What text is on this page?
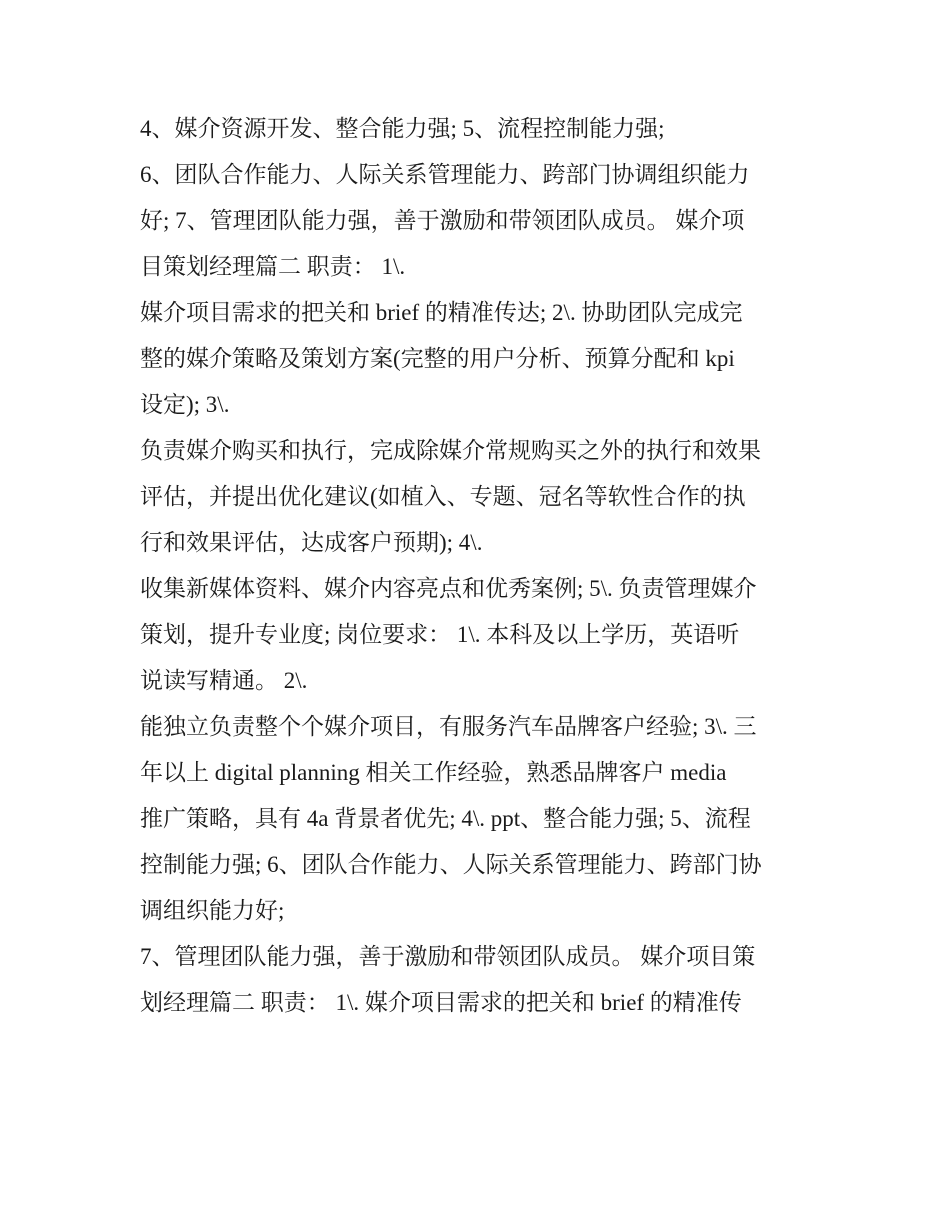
4、媒介资源开发、整合能力强; 5、流程控制能力强;
6、团队合作能力、人际关系管理能力、跨部门协调组织能力
好; 7、管理团队能力强，善于激励和带领团队成员。 媒介项
目策划经理篇二 职责： 1\.
媒介项目需求的把关和 brief 的精准传达; 2\. 协助团队完成完
整的媒介策略及策划方案(完整的用户分析、预算分配和 kpi
设定); 3\.
负责媒介购买和执行，完成除媒介常规购买之外的执行和效果
评估，并提出优化建议(如植入、专题、冠名等软性合作的执
行和效果评估，达成客户预期); 4\.
收集新媒体资料、媒介内容亮点和优秀案例; 5\. 负责管理媒介
策划，提升专业度; 岗位要求： 1\. 本科及以上学历，英语听
说读写精通。 2\.
能独立负责整个个媒介项目，有服务汽车品牌客户经验; 3\. 三
年以上 digital planning 相关工作经验，熟悉品牌客户 media
推广策略，具有 4a 背景者优先; 4\. ppt、整合能力强; 5、流程
控制能力强; 6、团队合作能力、人际关系管理能力、跨部门协
调组织能力好;
7、管理团队能力强，善于激励和带领团队成员。 媒介项目策
划经理篇二 职责： 1\. 媒介项目需求的把关和 brief 的精准传
